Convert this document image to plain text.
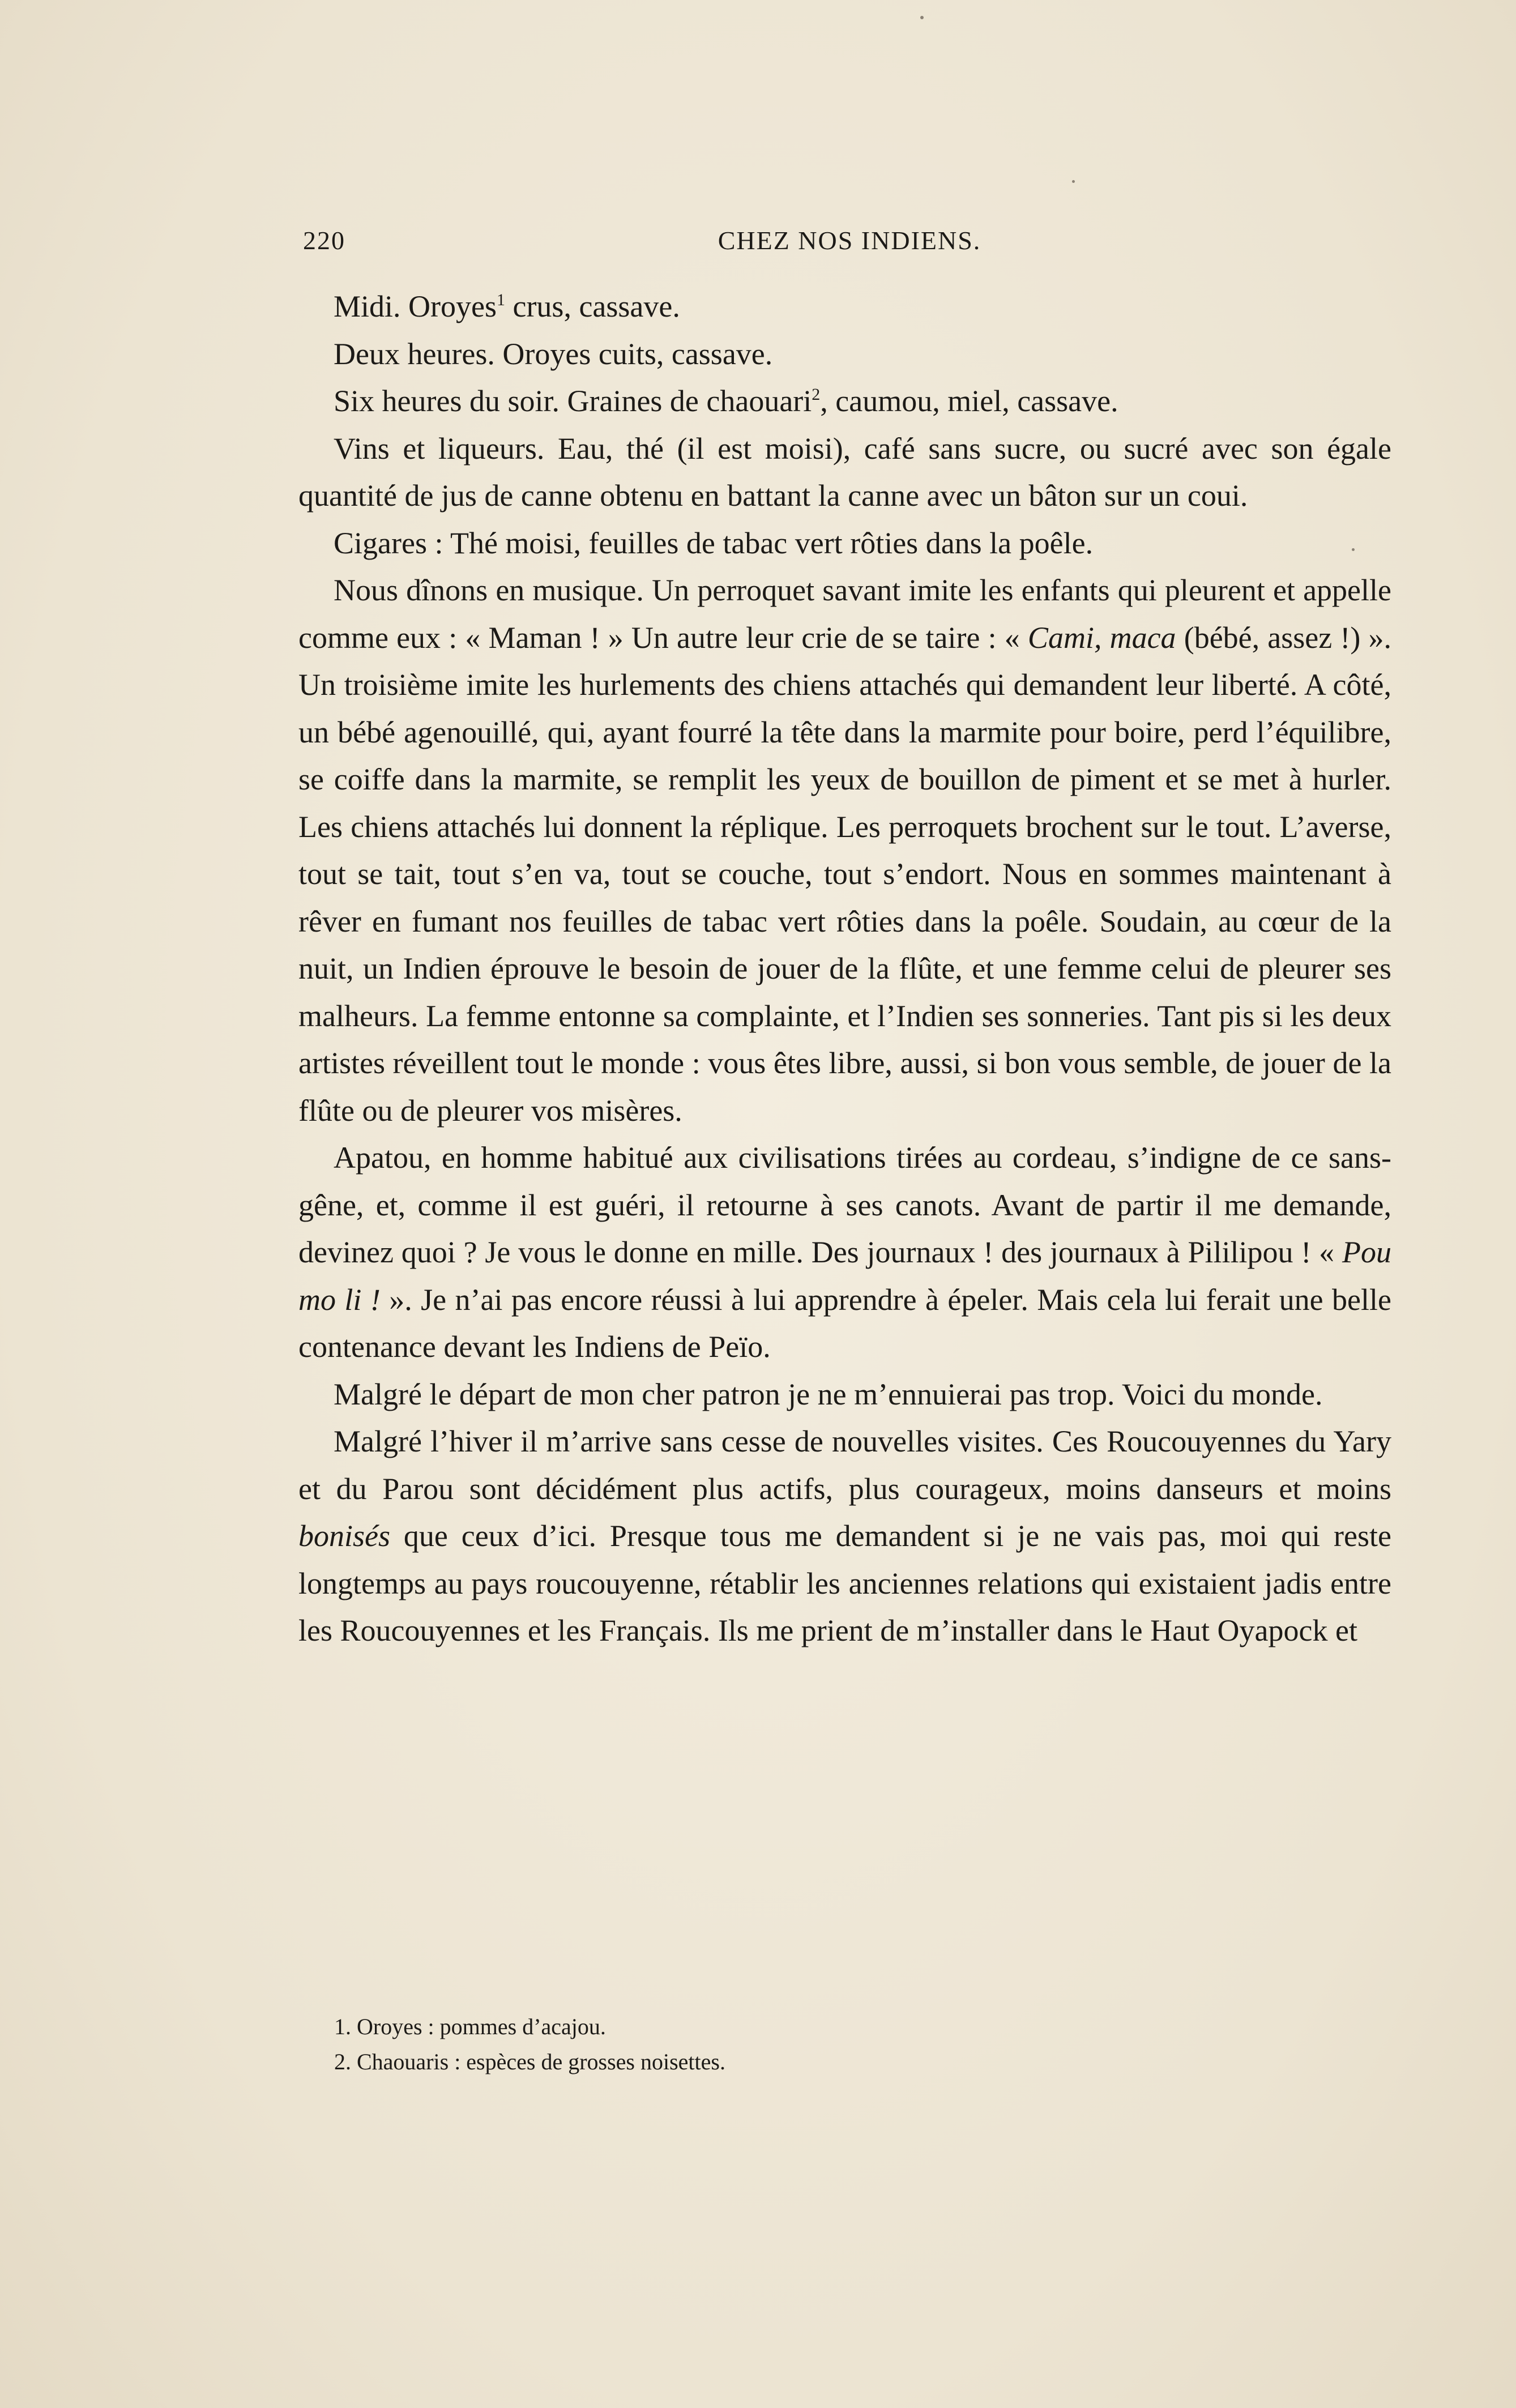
220	CHEZ NOS INDIENS.

Midi. Oroyes$^1$ crus, cassave.

Deux heures. Oroyes cuits, cassave.

Six heures du soir. Graines de chaouari$^2$, caumou, miel, cassave.

Vins et liqueurs. Eau, thé (il est moisi), café sans sucre, ou sucré avec son égale quantité de jus de canne obtenu en battant la canne avec un bâton sur un coui.

Cigares : Thé moisi, feuilles de tabac vert rôties dans la poêle.

Nous dînons en musique. Un perroquet savant imite les enfants qui pleurent et appelle comme eux : « Maman ! » Un autre leur crie de se taire : « Cami, maca (bébé, assez !) ». Un troisième imite les hurlements des chiens attachés qui demandent leur liberté. A côté, un bébé agenouillé, qui, ayant fourré la tête dans la marmite pour boire, perd l’équilibre, se coiffe dans la marmite, se remplit les yeux de bouillon de piment et se met à hurler. Les chiens attachés lui donnent la réplique. Les perroquets brochent sur le tout. L’averse, tout se tait, tout s’en va, tout se couche, tout s’endort. Nous en sommes maintenant à rêver en fumant nos feuilles de tabac vert rôties dans la poêle. Soudain, au cœur de la nuit, un Indien éprouve le besoin de jouer de la flûte, et une femme celui de pleurer ses malheurs. La femme entonne sa complainte, et l’Indien ses sonneries. Tant pis si les deux artistes réveillent tout le monde : vous êtes libre, aussi, si bon vous semble, de jouer de la flûte ou de pleurer vos misères.

Apatou, en homme habitué aux civilisations tirées au cordeau, s’indigne de ce sans-gêne, et, comme il est guéri, il retourne à ses canots. Avant de partir il me demande, devinez quoi ? Je vous le donne en mille. Des journaux ! des journaux à Pililipou ! « Pou mo li ! ». Je n’ai pas encore réussi à lui apprendre à épeler. Mais cela lui ferait une belle contenance devant les Indiens de Peïo.

Malgré le départ de mon cher patron je ne m’ennuierai pas trop. Voici du monde.

Malgré l’hiver il m’arrive sans cesse de nouvelles visites. Ces Roucouyennes du Yary et du Parou sont décidément plus actifs, plus courageux, moins danseurs et moins bonisés que ceux d’ici. Presque tous me demandent si je ne vais pas, moi qui reste longtemps au pays roucouyenne, rétablir les anciennes relations qui existaient jadis entre les Roucouyennes et les Français. Ils me prient de m’installer dans le Haut Oyapock et

1. Oroyes : pommes d’acajou.
2. Chaouaris : espèces de grosses noisettes.
